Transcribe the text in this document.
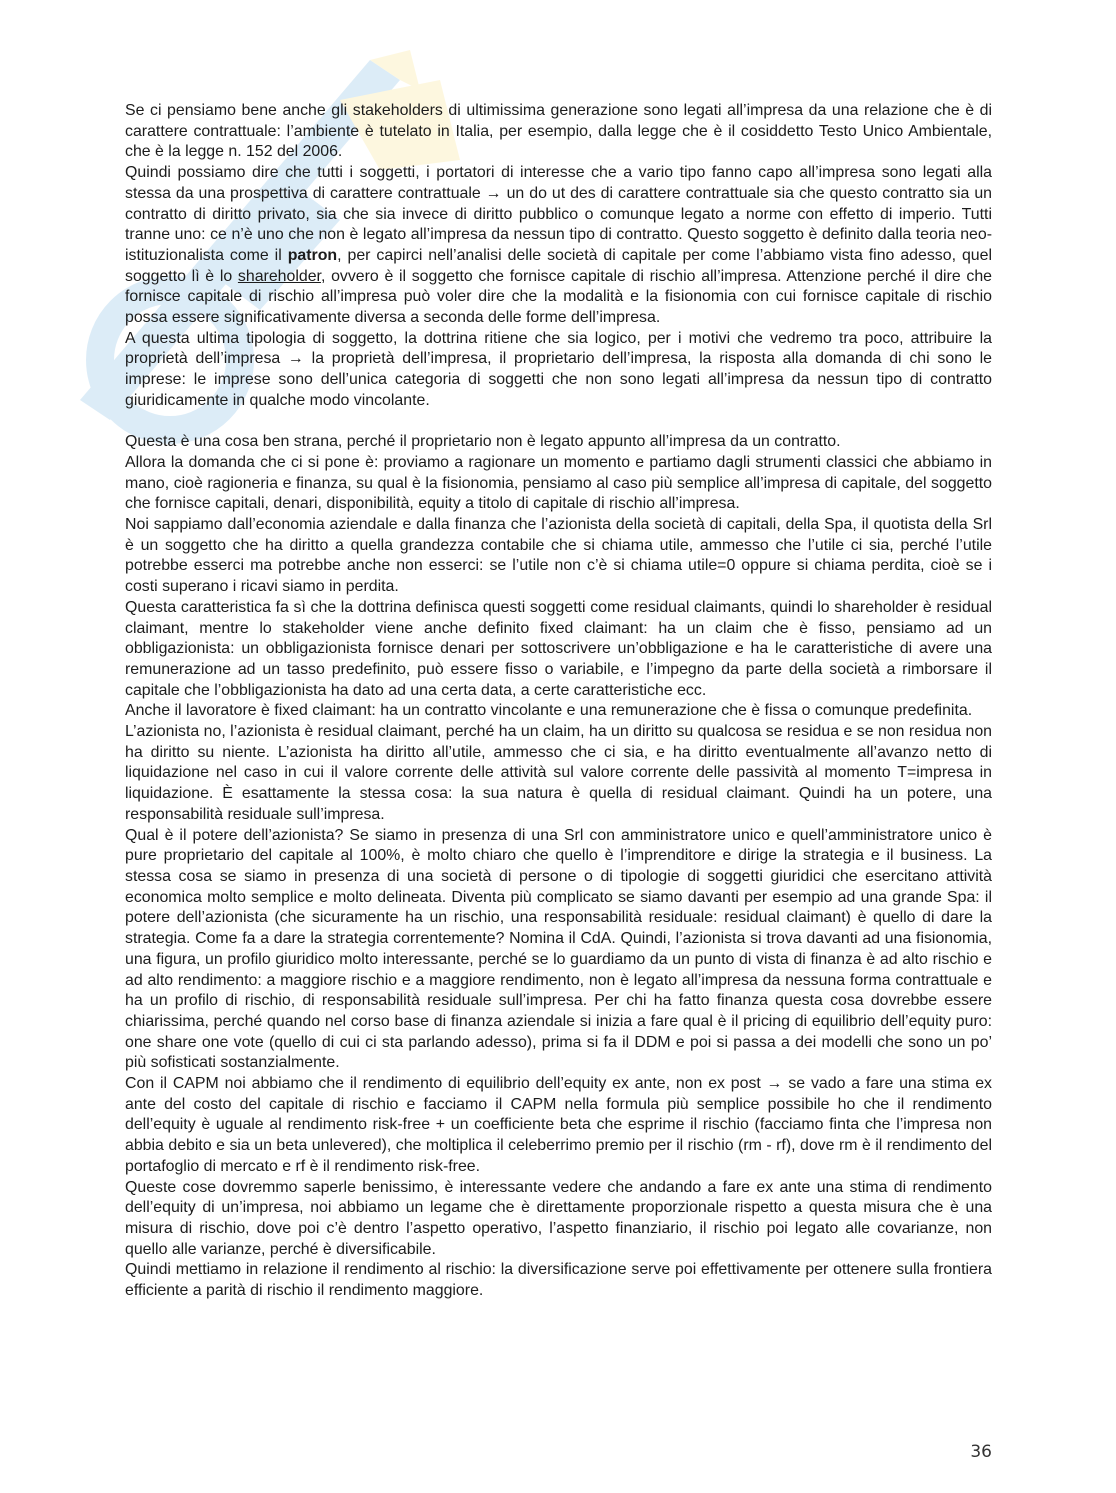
Se ci pensiamo bene anche gli stakeholders di ultimissima generazione sono legati all’impresa da una relazione che è di carattere contrattuale: l’ambiente è tutelato in Italia, per esempio, dalla legge che è il cosiddetto Testo Unico Ambientale, che è la legge n. 152 del 2006.

Quindi possiamo dire che tutti i soggetti, i portatori di interesse che a vario tipo fanno capo all’impresa sono legati alla stessa da una prospettiva di carattere contrattuale → un do ut des di carattere contrattuale sia che questo contratto sia un contratto di diritto privato, sia che sia invece di diritto pubblico o comunque legato a norme con effetto di imperio. Tutti tranne uno: ce n’è uno che non è legato all’impresa da nessun tipo di contratto. Questo soggetto è definito dalla teoria neo-istituzionalista come il patron, per capirci nell’analisi delle società di capitale per come l’abbiamo vista fino adesso, quel soggetto lì è lo shareholder, ovvero è il soggetto che fornisce capitale di rischio all’impresa. Attenzione perché il dire che fornisce capitale di rischio all’impresa può voler dire che la modalità e la fisionomia con cui fornisce capitale di rischio possa essere significativamente diversa a seconda delle forme dell’impresa.

A questa ultima tipologia di soggetto, la dottrina ritiene che sia logico, per i motivi che vedremo tra poco, attribuire la proprietà dell’impresa → la proprietà dell’impresa, il proprietario dell’impresa, la risposta alla domanda di chi sono le imprese: le imprese sono dell’unica categoria di soggetti che non sono legati all’impresa da nessun tipo di contratto giuridicamente in qualche modo vincolante.

Questa è una cosa ben strana, perché il proprietario non è legato appunto all’impresa da un contratto.

Allora la domanda che ci si pone è: proviamo a ragionare un momento e partiamo dagli strumenti classici che abbiamo in mano, cioè ragioneria e finanza, su qual è la fisionomia, pensiamo al caso più semplice all’impresa di capitale, del soggetto che fornisce capitali, denari, disponibilità, equity a titolo di capitale di rischio all’impresa.

Noi sappiamo dall’economia aziendale e dalla finanza che l’azionista della società di capitali, della Spa, il quotista della Srl è un soggetto che ha diritto a quella grandezza contabile che si chiama utile, ammesso che l’utile ci sia, perché l’utile potrebbe esserci ma potrebbe anche non esserci: se l’utile non c’è si chiama utile=0 oppure si chiama perdita, cioè se i costi superano i ricavi siamo in perdita.

Questa caratteristica fa sì che la dottrina definisca questi soggetti come residual claimants, quindi lo shareholder è residual claimant, mentre lo stakeholder viene anche definito fixed claimant: ha un claim che è fisso, pensiamo ad un obbligazionista: un obbligazionista fornisce denari per sottoscrivere un’obbligazione e ha le caratteristiche di avere una remunerazione ad un tasso predefinito, può essere fisso o variabile, e l’impegno da parte della società a rimborsare il capitale che l’obbligazionista ha dato ad una certa data, a certe caratteristiche ecc.

Anche il lavoratore è fixed claimant: ha un contratto vincolante e una remunerazione che è fissa o comunque predefinita.

L’azionista no, l’azionista è residual claimant, perché ha un claim, ha un diritto su qualcosa se residua e se non residua non ha diritto su niente. L’azionista ha diritto all’utile, ammesso che ci sia, e ha diritto eventualmente all’avanzo netto di liquidazione nel caso in cui il valore corrente delle attività sul valore corrente delle passività al momento T=impresa in liquidazione. È esattamente la stessa cosa: la sua natura è quella di residual claimant. Quindi ha un potere, una responsabilità residuale sull’impresa.

Qual è il potere dell’azionista? Se siamo in presenza di una Srl con amministratore unico e quell’amministratore unico è pure proprietario del capitale al 100%, è molto chiaro che quello è l’imprenditore e dirige la strategia e il business. La stessa cosa se siamo in presenza di una società di persone o di tipologie di soggetti giuridici che esercitano attività economica molto semplice e molto delineata. Diventa più complicato se siamo davanti per esempio ad una grande Spa: il potere dell’azionista (che sicuramente ha un rischio, una responsabilità residuale: residual claimant) è quello di dare la strategia. Come fa a dare la strategia correntemente? Nomina il CdA. Quindi, l’azionista si trova davanti ad una fisionomia, una figura, un profilo giuridico molto interessante, perché se lo guardiamo da un punto di vista di finanza è ad alto rischio e ad alto rendimento: a maggiore rischio e a maggiore rendimento, non è legato all’impresa da nessuna forma contrattuale e ha un profilo di rischio, di responsabilità residuale sull’impresa. Per chi ha fatto finanza questa cosa dovrebbe essere chiarissima, perché quando nel corso base di finanza aziendale si inizia a fare qual è il pricing di equilibrio dell’equity puro: one share one vote (quello di cui ci sta parlando adesso), prima si fa il DDM e poi si passa a dei modelli che sono un po’ più sofisticati sostanzialmente.

Con il CAPM noi abbiamo che il rendimento di equilibrio dell’equity ex ante, non ex post → se vado a fare una stima ex ante del costo del capitale di rischio e facciamo il CAPM nella formula più semplice possibile ho che il rendimento dell’equity è uguale al rendimento risk-free + un coefficiente beta che esprime il rischio (facciamo finta che l’impresa non abbia debito e sia un beta unlevered), che moltiplica il celeberrimo premio per il rischio (rm - rf), dove rm è il rendimento del portafoglio di mercato e rf è il rendimento risk-free.

Queste cose dovremmo saperle benissimo, è interessante vedere che andando a fare ex ante una stima di rendimento dell’equity di un’impresa, noi abbiamo un legame che è direttamente proporzionale rispetto a questa misura che è una misura di rischio, dove poi c’è dentro l’aspetto operativo, l’aspetto finanziario, il rischio poi legato alle covarianze, non quello alle varianze, perché è diversificabile.

Quindi mettiamo in relazione il rendimento al rischio: la diversificazione serve poi effettivamente per ottenere sulla frontiera efficiente a parità di rischio il rendimento maggiore.

36
